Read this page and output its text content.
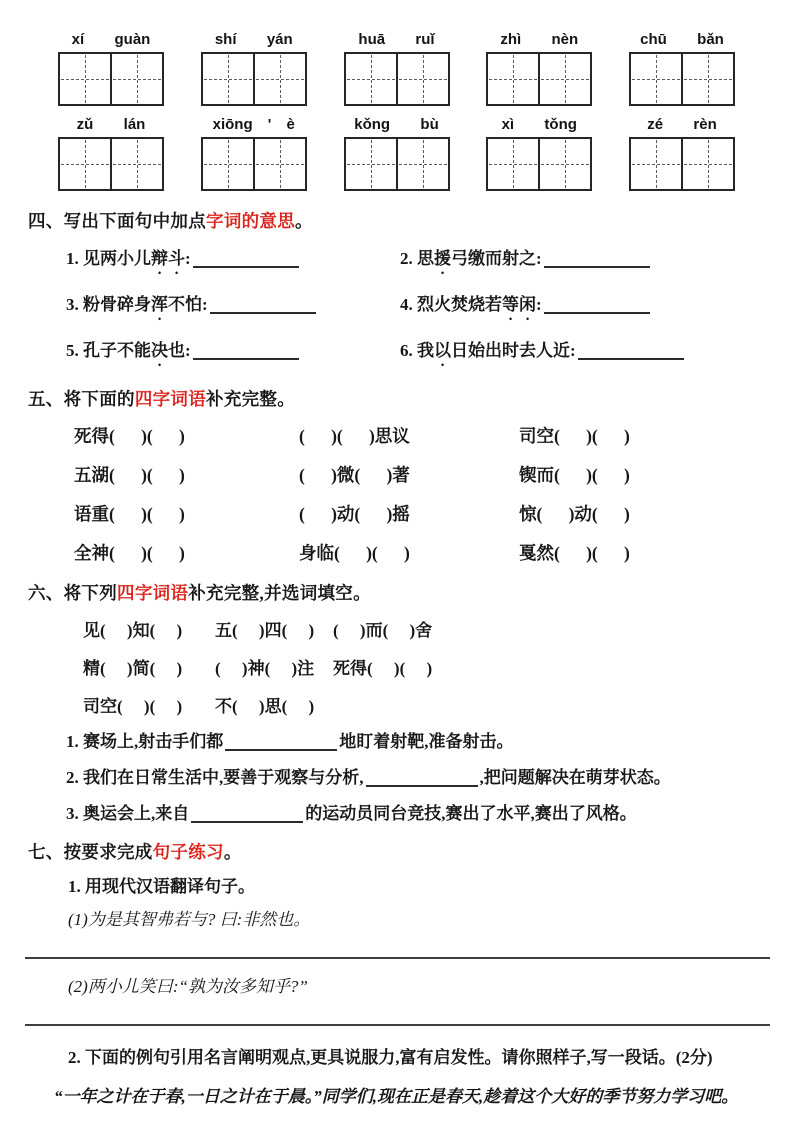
xí  guàn	shí  yán	huā  ruǐ	zhì  nèn	chū  bǎn
zǔ  lán	xiōng ' è	kǒng  bù	xì  tǒng	zé  rèn
四、写出下面句中加点字词的意思。
1. 见两小儿辩斗:	2. 思援弓缴而射之:
3. 粉骨碎身浑不怕:	4. 烈火焚烧若等闲:
5. 孔子不能决也:	6. 我以日始出时去人近:
五、将下面的四字词语补充完整。
死得(      )(      )	(      )(      )思议	司空(      )(      )
五湖(      )(      )	(      )微(      )著	锲而(      )(      )
语重(      )(      )	(      )动(      )摇	惊(      )动(      )
全神(      )(      )	身临(      )(      )	戛然(      )(      )
六、将下列四字词语补充完整,并选词填空。
见(     )知(     )	五(     )四(     )	(     )而(     )舍
精(     )简(     )	(     )神(     )注	死得(     )(     )
司空(     )(     )	不(     )思(     )
1. 赛场上,射击手们都	地盯着射靶,准备射击。
2. 我们在日常生活中,要善于观察与分析,	,把问题解决在萌芽状态。
3. 奥运会上,来自	的运动员同台竞技,赛出了水平,赛出了风格。
七、按要求完成句子练习。
1. 用现代汉语翻译句子。
(1)为是其智弗若与? 曰:非然也。
(2)两小儿笑曰:“孰为汝多知乎?”
2. 下面的例句引用名言阐明观点,更具说服力,富有启发性。请你照样子,写一段话。(2分)
“一年之计在于春,一日之计在于晨。”同学们,现在正是春天,趁着这个大好的季节努力学习吧。
